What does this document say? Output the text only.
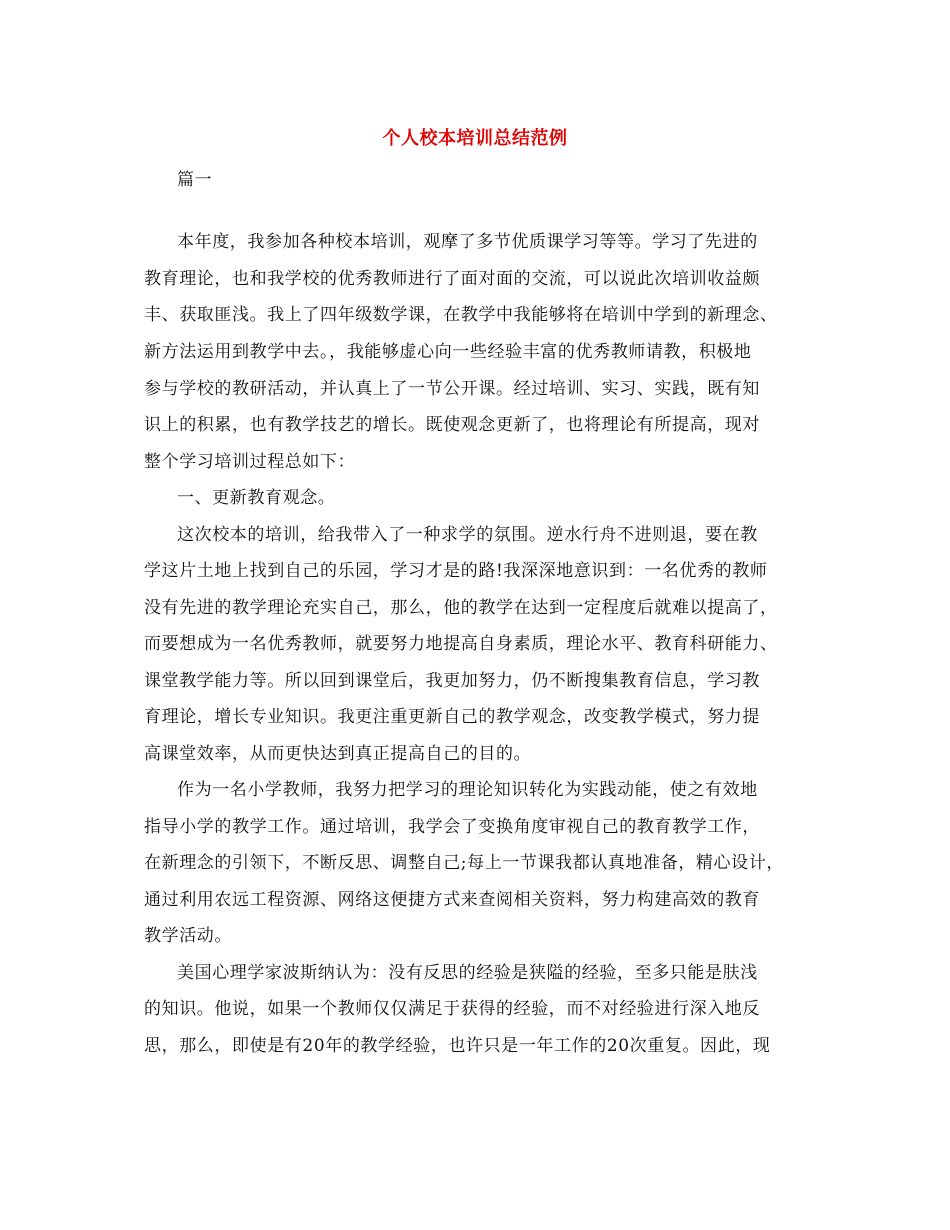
个人校本培训总结范例
篇一
本年度，我参加各种校本培训，观摩了多节优质课学习等等。学习了先进的
教育理论，也和我学校的优秀教师进行了面对面的交流，可以说此次培训收益颇
丰、获取匪浅。我上了四年级数学课，在教学中我能够将在培训中学到的新理念、
新方法运用到教学中去。，我能够虚心向一些经验丰富的优秀教师请教，积极地
参与学校的教研活动，并认真上了一节公开课。经过培训、实习、实践，既有知
识上的积累，也有教学技艺的增长。既使观念更新了，也将理论有所提高，现对
整个学习培训过程总如下：
一、更新教育观念。
这次校本的培训，给我带入了一种求学的氛围。逆水行舟不进则退，要在教
学这片土地上找到自己的乐园，学习才是的路!我深深地意识到：一名优秀的教师
没有先进的教学理论充实自己，那么，他的教学在达到一定程度后就难以提高了，
而要想成为一名优秀教师，就要努力地提高自身素质，理论水平、教育科研能力、
课堂教学能力等。所以回到课堂后，我更加努力，仍不断搜集教育信息，学习教
育理论，增长专业知识。我更注重更新自己的教学观念，改变教学模式，努力提
高课堂效率，从而更快达到真正提高自己的目的。
作为一名小学教师，我努力把学习的理论知识转化为实践动能，使之有效地
指导小学的教学工作。通过培训，我学会了变换角度审视自己的教育教学工作，
在新理念的引领下，不断反思、调整自己;每上一节课我都认真地准备，精心设计，
通过利用农远工程资源、网络这便捷方式来查阅相关资料，努力构建高效的教育
教学活动。
美国心理学家波斯纳认为：没有反思的经验是狭隘的经验，至多只能是肤浅
的知识。他说，如果一个教师仅仅满足于获得的经验，而不对经验进行深入地反
思，那么，即使是有20年的教学经验，也许只是一年工作的20次重复。因此，现
